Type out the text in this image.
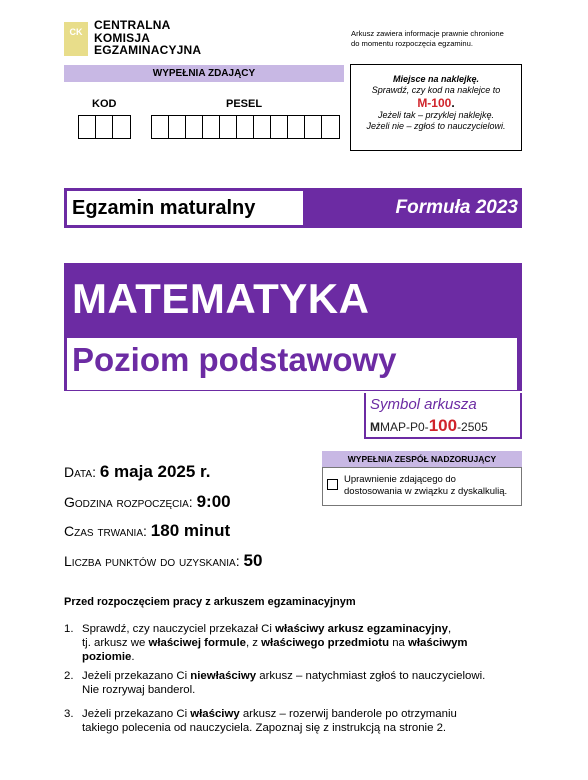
CK CENTRALNA
KOMISJA
EGZAMINACYJNA
Arkusz zawiera informacje prawnie chronione
do momentu rozpoczęcia egzaminu.
WYPEŁNIA ZDAJĄCY
KOD	PESEL
Miejsce na naklejkę.
Sprawdź, czy kod na naklejce to
M-100.
Jeżeli tak – przyklej naklejkę.
Jeżeli nie – zgłoś to nauczycielowi.
Egzamin maturalny	Formuła 2023
MATEMATYKA
Poziom podstawowy
Symbol arkusza
MMAP-P0-100-2505
Data: 6 maja 2025 r.
Godzina rozpoczęcia: 9:00
Czas trwania: 180 minut
Liczba punktów do uzyskania: 50
WYPEŁNIA ZESPÓŁ NADZORUJĄCY
Uprawnienie zdającego do
dostosowania w związku z dyskalkulią.
Przed rozpoczęciem pracy z arkuszem egzaminacyjnym
1. Sprawdź, czy nauczyciel przekazał Ci właściwy arkusz egzaminacyjny,
tj. arkusz we właściwej formule, z właściwego przedmiotu na właściwym
poziomie.
2. Jeżeli przekazano Ci niewłaściwy arkusz – natychmiast zgłoś to nauczycielowi.
Nie rozrywaj banderol.
3. Jeżeli przekazano Ci właściwy arkusz – rozerwij banderole po otrzymaniu
takiego polecenia od nauczyciela. Zapoznaj się z instrukcją na stronie 2.
